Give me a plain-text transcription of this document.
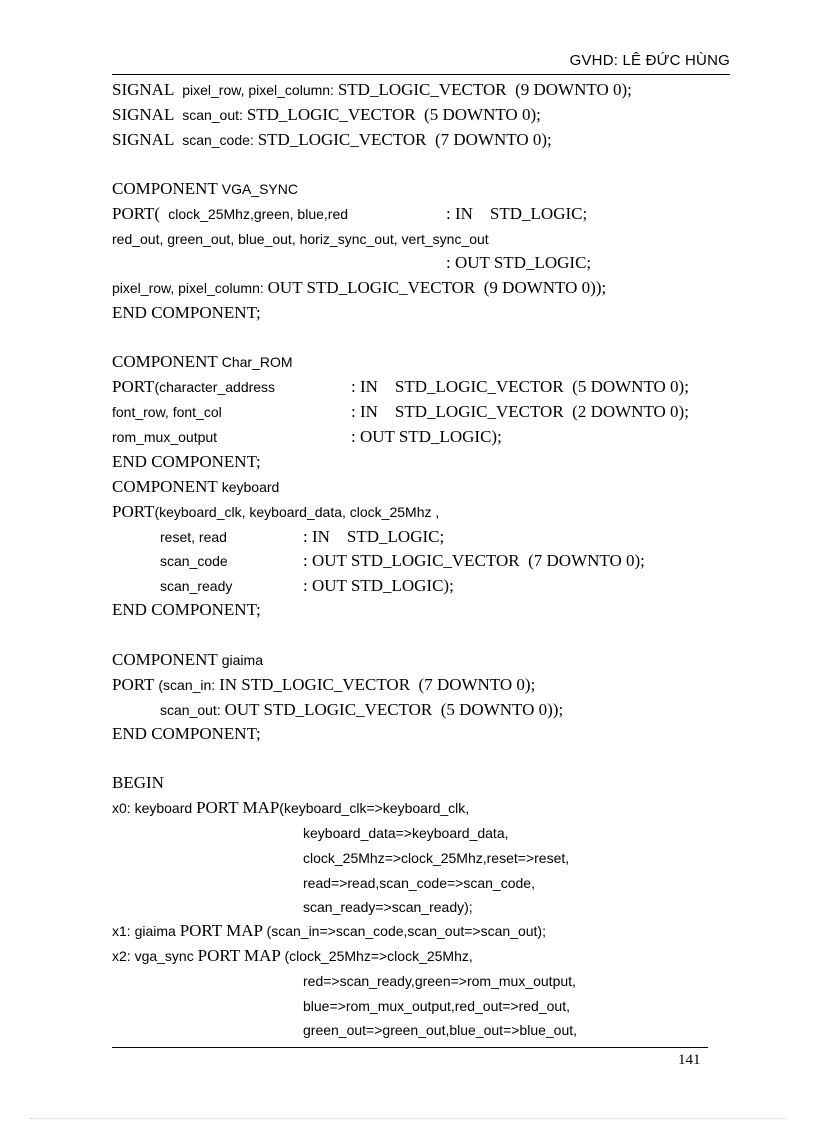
GVHD: LÊ ĐỨC HÙNG
SIGNAL  pixel_row, pixel_column: STD_LOGIC_VECTOR  (9 DOWNTO 0);
SIGNAL  scan_out: STD_LOGIC_VECTOR  (5 DOWNTO 0);
SIGNAL  scan_code: STD_LOGIC_VECTOR  (7 DOWNTO 0);
COMPONENT VGA_SYNC
PORT(  clock_25Mhz,green, blue,red	: IN    STD_LOGIC;
red_out, green_out, blue_out, horiz_sync_out, vert_sync_out
: OUT STD_LOGIC;
pixel_row, pixel_column: OUT STD_LOGIC_VECTOR  (9 DOWNTO 0));
END COMPONENT;
COMPONENT Char_ROM
PORT(character_address	: IN    STD_LOGIC_VECTOR  (5 DOWNTO 0);
font_row, font_col	: IN    STD_LOGIC_VECTOR  (2 DOWNTO 0);
rom_mux_output	: OUT STD_LOGIC);
END COMPONENT;
COMPONENT keyboard
PORT(keyboard_clk, keyboard_data, clock_25Mhz ,
reset, read	: IN    STD_LOGIC;
scan_code	: OUT STD_LOGIC_VECTOR  (7 DOWNTO 0);
scan_ready	: OUT STD_LOGIC);
END COMPONENT;
COMPONENT giaima
PORT (scan_in: IN STD_LOGIC_VECTOR  (7 DOWNTO 0);
scan_out: OUT STD_LOGIC_VECTOR  (5 DOWNTO 0));
END COMPONENT;
BEGIN
x0: keyboard PORT MAP(keyboard_clk=>keyboard_clk,
keyboard_data=>keyboard_data,
clock_25Mhz=>clock_25Mhz,reset=>reset,
read=>read,scan_code=>scan_code,
scan_ready=>scan_ready);
x1: giaima PORT MAP (scan_in=>scan_code,scan_out=>scan_out);
x2: vga_sync PORT MAP (clock_25Mhz=>clock_25Mhz,
red=>scan_ready,green=>rom_mux_output,
blue=>rom_mux_output,red_out=>red_out,
green_out=>green_out,blue_out=>blue_out,
141
